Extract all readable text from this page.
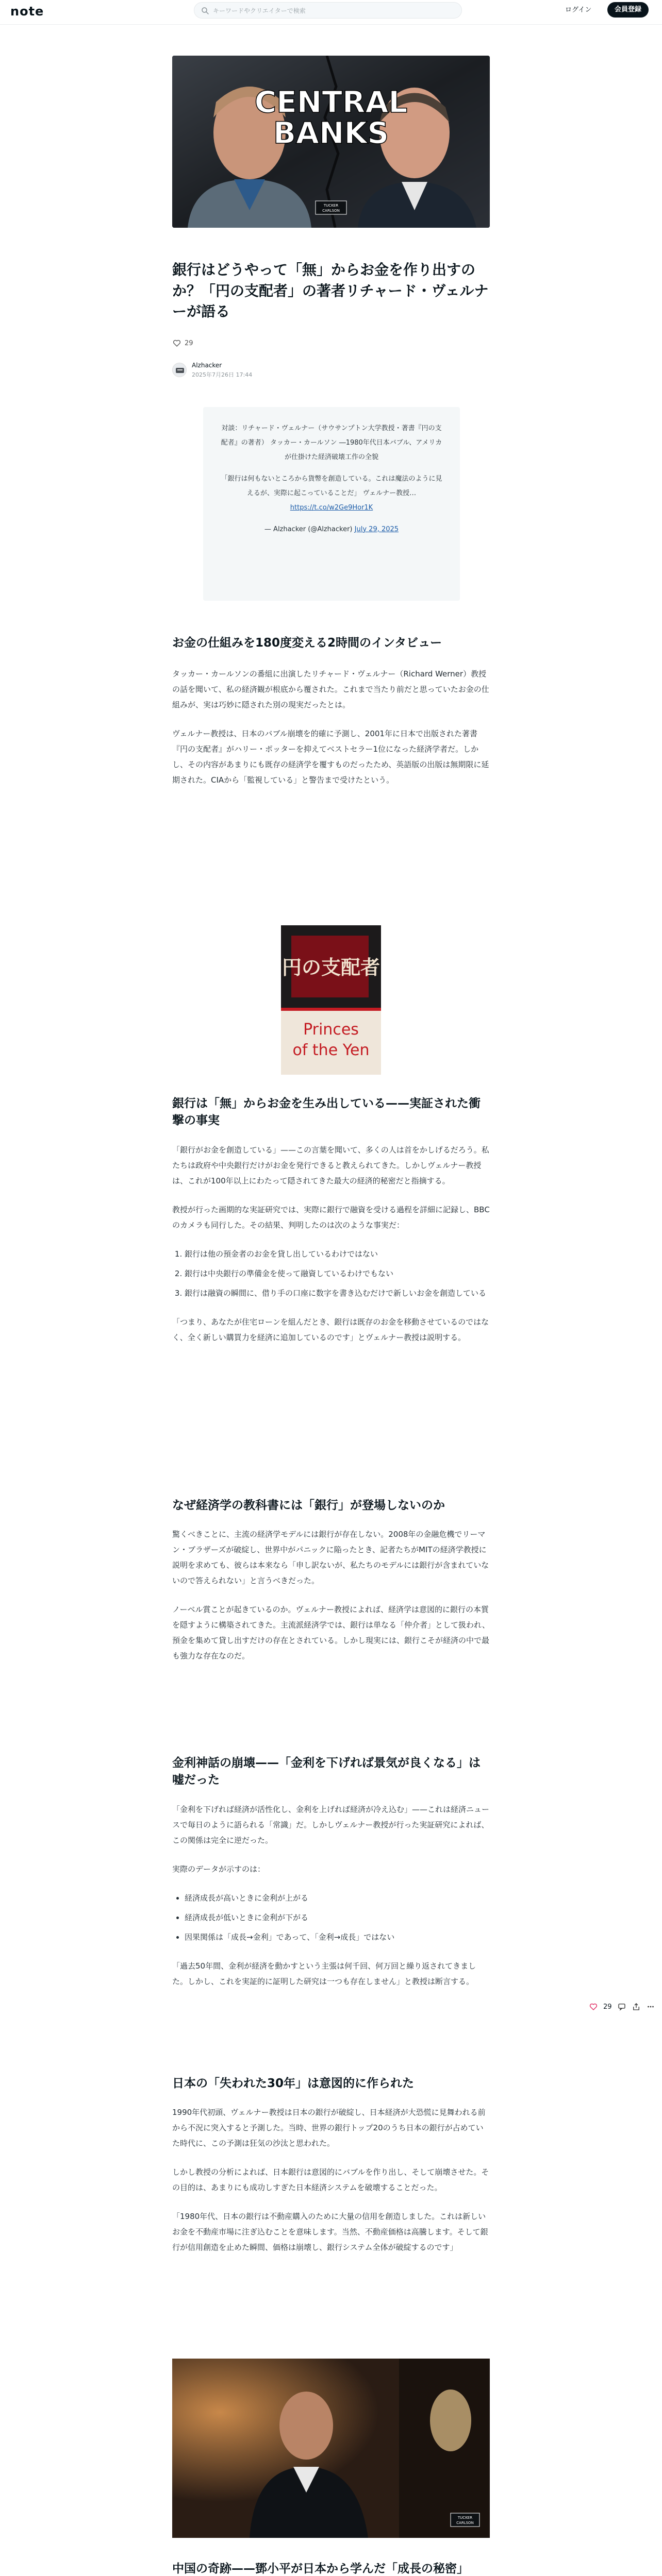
note
キーワードやクリエイターで検索	ログイン	会員登録
CENTRAL
BANKS
TUCKER
CARLSON
銀行はどうやって「無」からお金を作り出すのか？「円の支配者」の著者リチャード・ヴェルナーが語る
29
Alzhacker
2025年7月26日 17:44

対談：リチャード・ヴェルナー（サウサンプトン大学教授・著書『円の支配者』の著者） タッカー・カールソン ―1980年代日本バブル、アメリカが仕掛けた経済破壊工作の全貌

「銀行は何もないところから貨幣を創造している。これは魔法のように見えるが、実際に起こっていることだ」 ヴェルナー教授… https://t.co/w2Ge9Hor1K

— Alzhacker (@Alzhacker) July 29, 2025

お金の仕組みを180度変える2時間のインタビュー

タッカー・カールソンの番組に出演したリチャード・ヴェルナー（Richard Werner）教授の話を聞いて、私の経済観が根底から覆された。これまで当たり前だと思っていたお金の仕組みが、実は巧妙に隠された別の現実だったとは。

ヴェルナー教授は、日本のバブル崩壊を的確に予測し、2001年に日本で出版された著書『円の支配者』がハリー・ポッターを抑えてベストセラー1位になった経済学者だ。しかし、その内容があまりにも既存の経済学を覆すものだったため、英語版の出版は無期限に延期された。CIAから「監視している」と警告まで受けたという。

円の支配者
Princes
of the Yen
銀行は「無」からお金を生み出している——実証された衝撃の事実

「銀行がお金を創造している」——この言葉を聞いて、多くの人は首をかしげるだろう。私たちは政府や中央銀行だけがお金を発行できると教えられてきた。しかしヴェルナー教授は、これが100年以上にわたって隠されてきた最大の経済的秘密だと指摘する。

教授が行った画期的な実証研究では、実際に銀行で融資を受ける過程を詳細に記録し、BBCのカメラも同行した。その結果、判明したのは次のような事実だ：

1. 銀行は他の預金者のお金を貸し出しているわけではない
2. 銀行は中央銀行の準備金を使って融資しているわけでもない
3. 銀行は融資の瞬間に、借り手の口座に数字を書き込むだけで新しいお金を創造している

「つまり、あなたが住宅ローンを組んだとき、銀行は既存のお金を移動させているのではなく、全く新しい購買力を経済に追加しているのです」とヴェルナー教授は説明する。

なぜ経済学の教科書には「銀行」が登場しないのか

驚くべきことに、主流の経済学モデルには銀行が存在しない。2008年の金融危機でリーマン・ブラザーズが破綻し、世界中がパニックに陥ったとき、記者たちがMITの経済学教授に説明を求めても、彼らは本来なら「申し訳ないが、私たちのモデルには銀行が含まれていないので答えられない」と言うべきだった。

ノーベル賞ことが起きているのか。ヴェルナー教授によれば、経済学は意図的に銀行の本質を隠すように構築されてきた。主流派経済学では、銀行は単なる「仲介者」として扱われ、預金を集めて貸し出すだけの存在とされている。しかし現実には、銀行こそが経済の中で最も強力な存在なのだ。

金利神話の崩壊——「金利を下げれば景気が良くなる」は嘘だった

「金利を下げれば経済が活性化し、金利を上げれば経済が冷え込む」——これは経済ニュースで毎日のように語られる「常識」だ。しかしヴェルナー教授が行った実証研究によれば、この関係は完全に逆だった。

実際のデータが示すのは：

• 経済成長が高いときに金利が上がる
• 経済成長が低いときに金利が下がる
• 因果関係は「成長→金利」であって、「金利→成長」ではない

「過去50年間、金利が経済を動かすという主張は何千回、何万回と繰り返されてきました。しかし、これを実証的に証明した研究は一つも存在しません」と教授は断言する。

29
日本の「失われた30年」は意図的に作られた

1990年代初頭、ヴェルナー教授は日本の銀行が破綻し、日本経済が大恐慌に見舞われる前から不況に突入すると予測した。当時、世界の銀行トップ20のうち日本の銀行が占めていた時代に、この予測は狂気の沙汰と思われた。

しかし教授の分析によれば、日本銀行は意図的にバブルを作り出し、そして崩壊させた。その目的は、あまりにも成功しすぎた日本経済システムを破壊することだった。

「1980年代、日本の銀行は不動産購入のために大量の信用を創造しました。これは新しいお金を不動産市場に注ぎ込むことを意味します。当然、不動産価格は高騰します。そして銀行が信用創造を止めた瞬間、価格は崩壊し、銀行システム全体が破綻するのです」

TUCKER
CARLSON
中国の奇跡——鄧小平が日本から学んだ「成長の秘密」
